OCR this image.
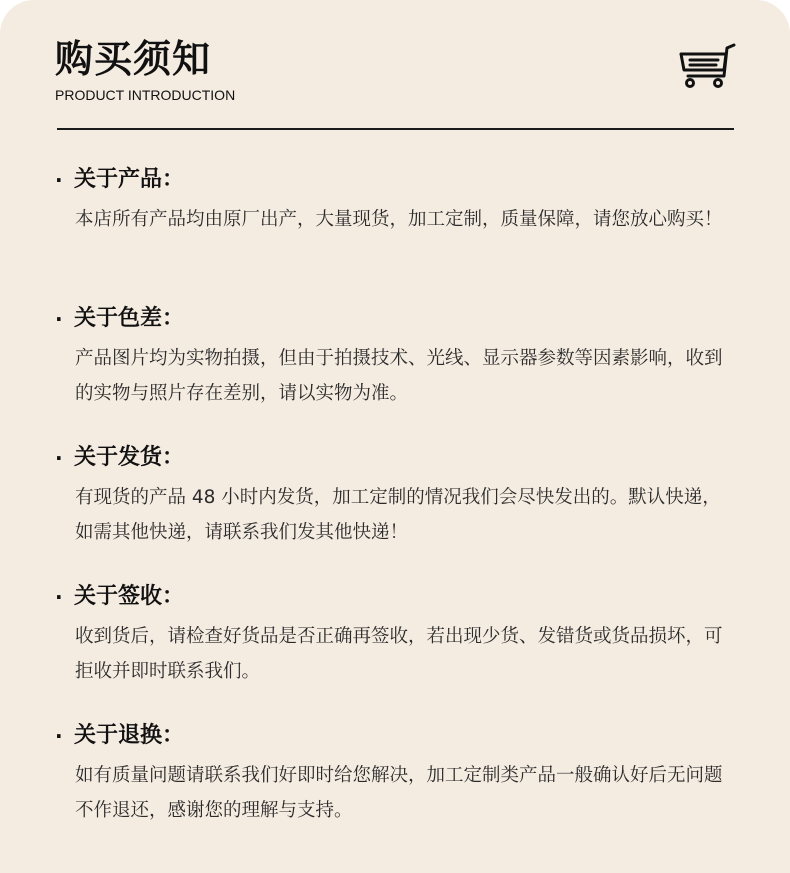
购买须知
PRODUCT INTRODUCTION
· 关于产品：
本店所有产品均由原厂出产，大量现货，加工定制，质量保障，请您放心购买！
· 关于色差：
产品图片均为实物拍摄，但由于拍摄技术、光线、显示器参数等因素影响，收到的实物与照片存在差别，请以实物为准。
· 关于发货：
有现货的产品 48 小时内发货，加工定制的情况我们会尽快发出的。默认快递，如需其他快递，请联系我们发其他快递！
· 关于签收：
收到货后，请检查好货品是否正确再签收，若出现少货、发错货或货品损坏，可拒收并即时联系我们。
· 关于退换：
如有质量问题请联系我们好即时给您解决，加工定制类产品一般确认好后无问题不作退还，感谢您的理解与支持。
